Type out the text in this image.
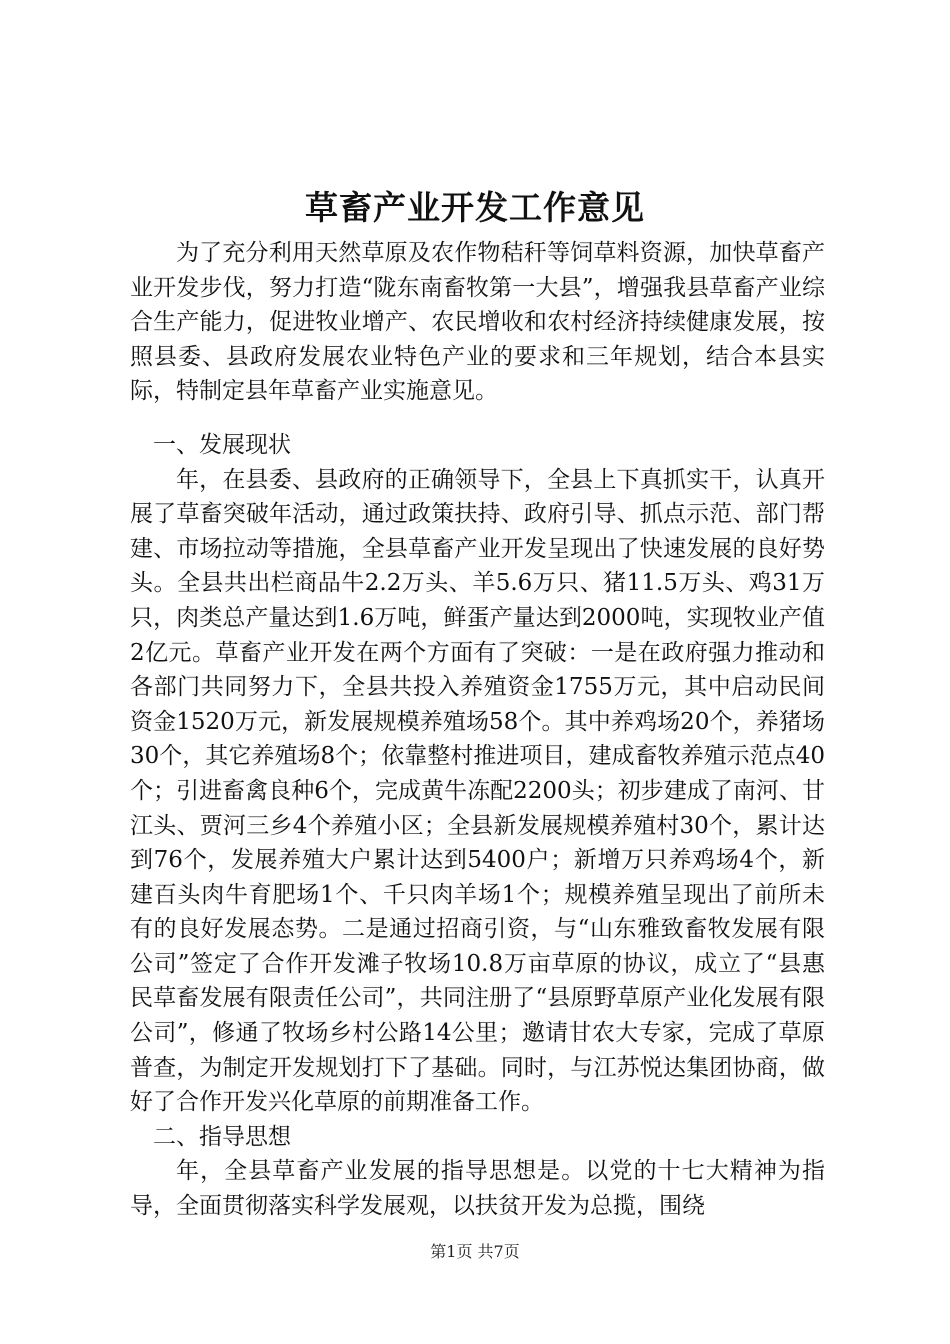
草畜产业开发工作意见

为了充分利用天然草原及农作物秸秆等饲草料资源，加快草畜产业开发步伐，努力打造“陇东南畜牧第一大县”，增强我县草畜产业综合生产能力，促进牧业增产、农民增收和农村经济持续健康发展，按照县委、县政府发展农业特色产业的要求和三年规划，结合本县实际，特制定县年草畜产业实施意见。

一、发展现状

年，在县委、县政府的正确领导下，全县上下真抓实干，认真开展了草畜突破年活动，通过政策扶持、政府引导、抓点示范、部门帮建、市场拉动等措施，全县草畜产业开发呈现出了快速发展的良好势头。全县共出栏商品牛2.2万头、羊5.6万只、猪11.5万头、鸡31万只，肉类总产量达到1.6万吨，鲜蛋产量达到2000吨，实现牧业产值2亿元。草畜产业开发在两个方面有了突破：一是在政府强力推动和各部门共同努力下，全县共投入养殖资金1755万元，其中启动民间资金1520万元，新发展规模养殖场58个。其中养鸡场20个，养猪场30个，其它养殖场8个；依靠整村推进项目，建成畜牧养殖示范点40个；引进畜禽良种6个，完成黄牛冻配2200头；初步建成了南河、甘江头、贾河三乡4个养殖小区；全县新发展规模养殖村30个，累计达到76个，发展养殖大户累计达到5400户；新增万只养鸡场4个，新建百头肉牛育肥场1个、千只肉羊场1个；规模养殖呈现出了前所未有的良好发展态势。二是通过招商引资，与“山东雅致畜牧发展有限公司”签定了合作开发滩子牧场10.8万亩草原的协议，成立了“县惠民草畜发展有限责任公司”，共同注册了“县原野草原产业化发展有限公司”，修通了牧场乡村公路14公里；邀请甘农大专家，完成了草原普查，为制定开发规划打下了基础。同时，与江苏悦达集团协商，做好了合作开发兴化草原的前期准备工作。

二、指导思想

年，全县草畜产业发展的指导思想是。以党的十七大精神为指导，全面贯彻落实科学发展观，以扶贫开发为总揽，围绕

第1页 共7页
